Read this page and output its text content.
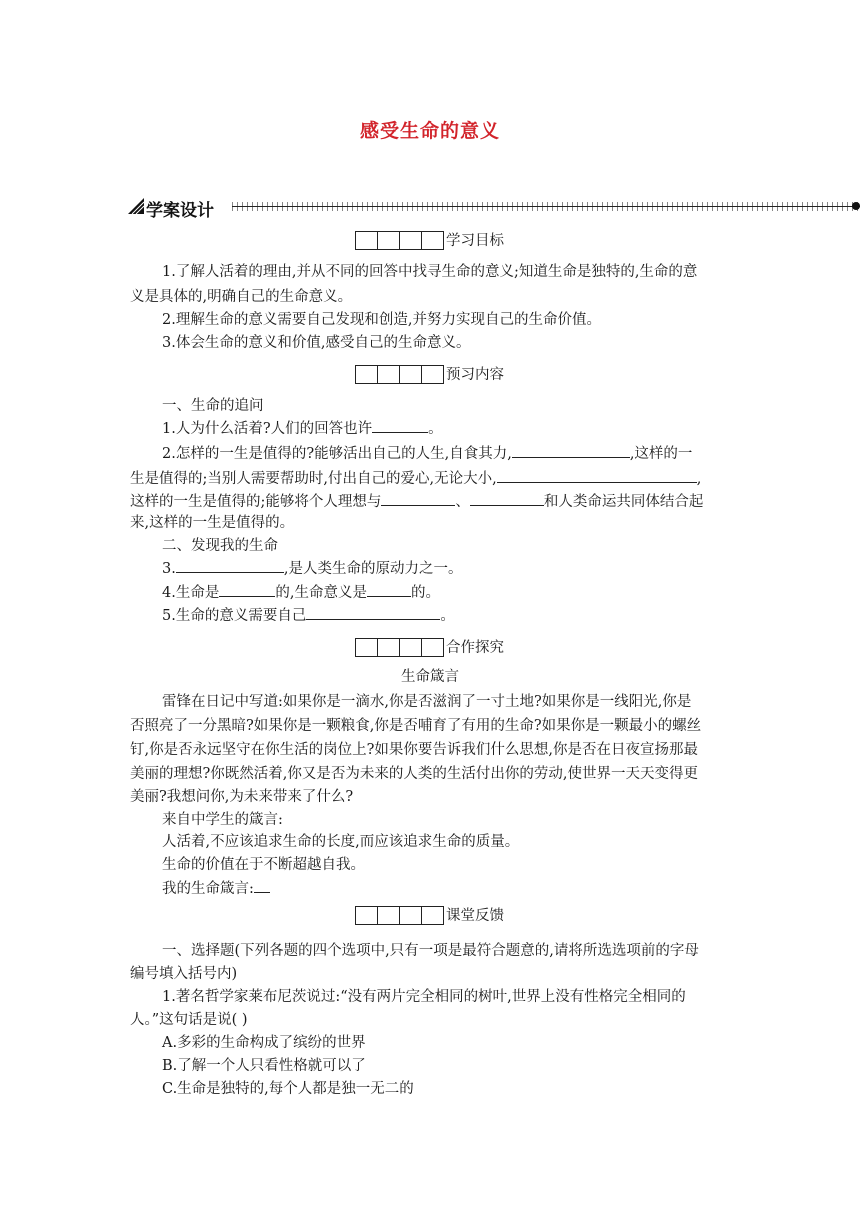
感受生命的意义
学案设计
学习目标
1.了解人活着的理由,并从不同的回答中找寻生命的意义;知道生命是独特的,生命的意
义是具体的,明确自己的生命意义。
2.理解生命的意义需要自己发现和创造,并努力实现自己的生命价值。
3.体会生命的意义和价值,感受自己的生命意义。
预习内容
一、生命的追问
1.人为什么活着?人们的回答也许	。
2.怎样的一生是值得的?能够活出自己的人生,自食其力,	,这样的一
生是值得的;当别人需要帮助时,付出自己的爱心,无论大小,	,
这样的一生是值得的;能够将个人理想与	、	和人类命运共同体结合起
来,这样的一生是值得的。
二、发现我的生命
3.	,是人类生命的原动力之一。
4.生命是	的,生命意义是	的。
5.生命的意义需要自己	。
合作探究
生命箴言
雷锋在日记中写道:如果你是一滴水,你是否滋润了一寸土地?如果你是一线阳光,你是
否照亮了一分黑暗?如果你是一颗粮食,你是否哺育了有用的生命?如果你是一颗最小的螺丝
钉,你是否永远坚守在你生活的岗位上?如果你要告诉我们什么思想,你是否在日夜宣扬那最
美丽的理想?你既然活着,你又是否为未来的人类的生活付出你的劳动,使世界一天天变得更
美丽?我想问你,为未来带来了什么?
来自中学生的箴言:
人活着,不应该追求生命的长度,而应该追求生命的质量。
生命的价值在于不断超越自我。
我的生命箴言:
课堂反馈
一、选择题(下列各题的四个选项中,只有一项是最符合题意的,请将所选选项前的字母
编号填入括号内)
1.著名哲学家莱布尼茨说过:“没有两片完全相同的树叶,世界上没有性格完全相同的
人。”这句话是说( )
A.多彩的生命构成了缤纷的世界
B.了解一个人只看性格就可以了
C.生命是独特的,每个人都是独一无二的
